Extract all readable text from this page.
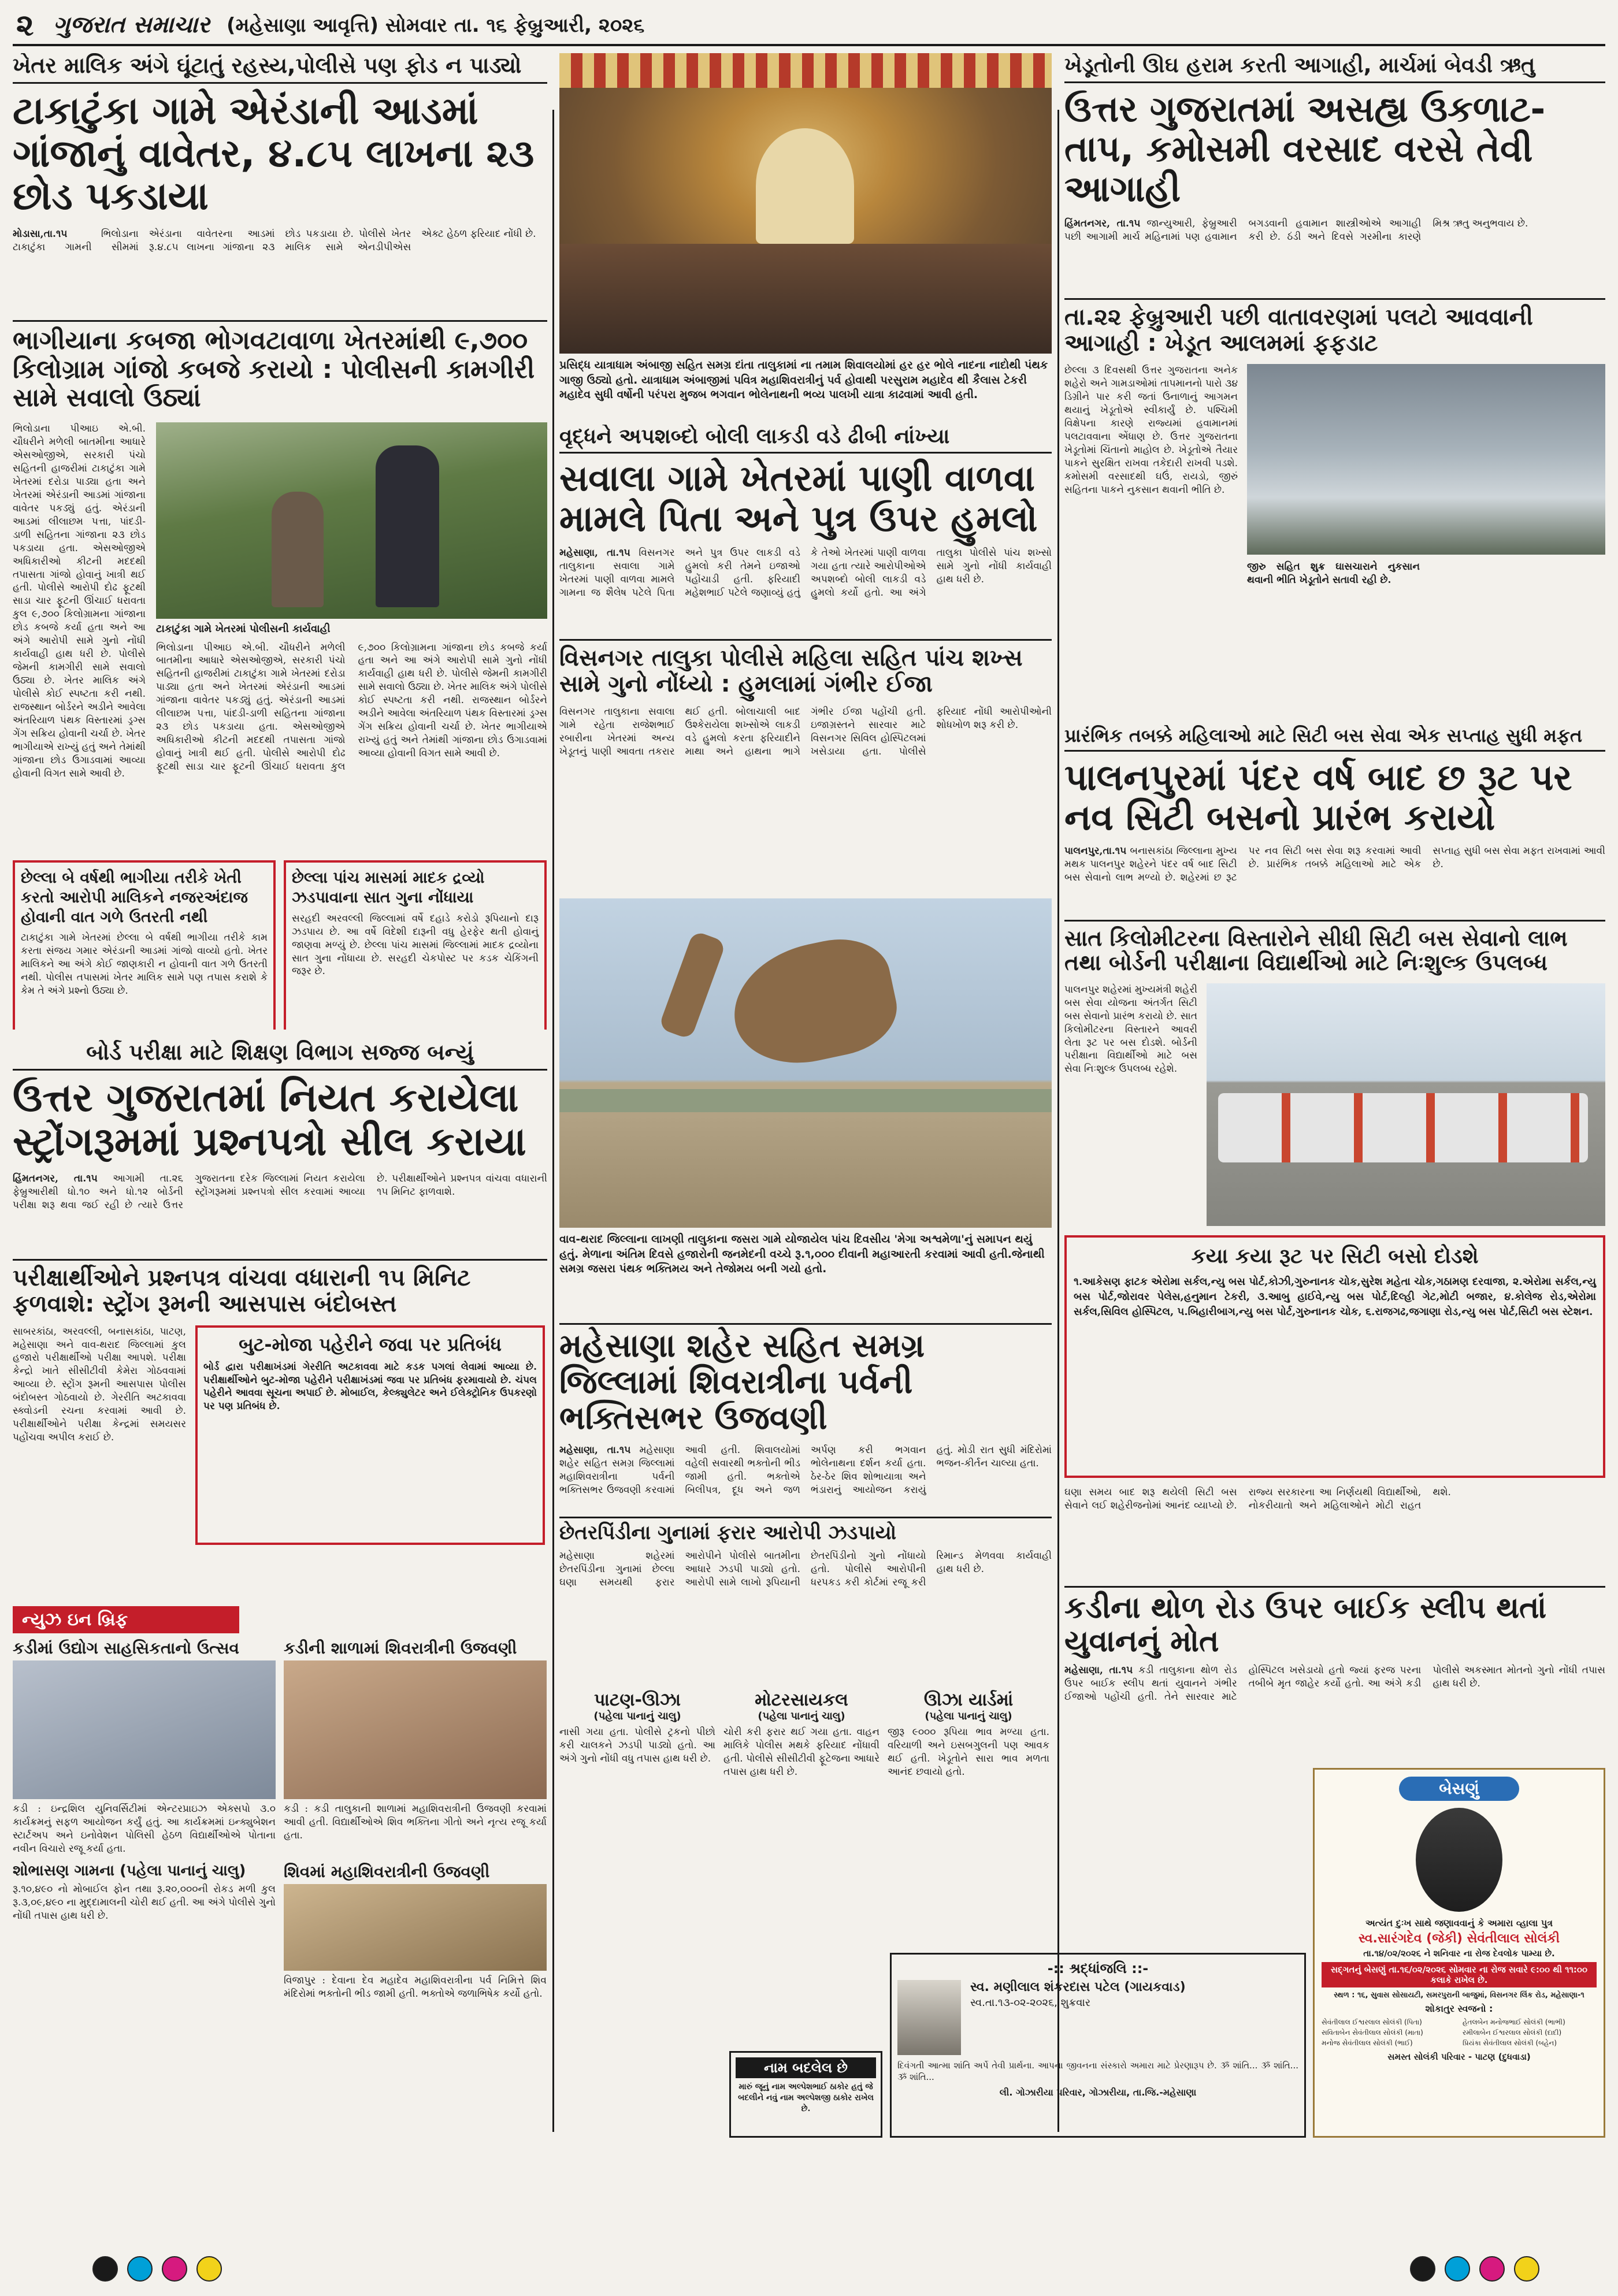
૨ ગુજરાત સમાચાર (મહેસાણા આવૃત્તિ) સોમવાર તા. ૧૬ ફેબ્રુઆરી, ૨૦૨૬
ખેતર માલિક અંગે ઘૂંટાતું રહસ્ય,પોલીસે પણ ફોડ ન પાડ્યો
ટાકાટુંકા ગામે એરંડાની આડમાં ગાંજાનું વાવેતર, ૪.૮૫ લાખના ૨૩ છોડ પકડાયા
મોડાસા,તા.૧૫	ભિલોડાના ટાકાટુંકા ગામની સીમમાં એરંડાના વાવેતરના આડમાં રૂ.૪.૮૫ લાખના ગાંજાના ૨૩ છોડ પકડાયા છે. પોલીસે ખેતર માલિક સામે એનડીપીએસ એક્ટ હેઠળ ફરિયાદ નોંધી છે.
ભાગીયાના કબજા ભોગવટાવાળા ખેતરમાંથી ૯,૭૦૦ કિલોગ્રામ ગાંજો કબજે કરાયો : પોલીસની કામગીરી સામે સવાલો ઉઠ્યાં
ભિલોડાના પીઆઇ એ.બી. ચૌધરીને મળેલી બાતમીના આધારે એસઓજીએ, સરકારી પંચો સહિતની હાજરીમાં ટાકાટુંકા ગામે ખેતરમાં દરોડા પાડ્યા હતા અને ખેતરમાં એરંડાની આડમાં ગાંજાના વાવેતર પકડ્યું હતું. એરંડાની આડમાં લીલાછમ પત્તા, પાંદડી-ડાળી સહિતના ગાંજાના ૨૩ છોડ પકડાયા હતા. એસઓજીએ અધિકારીઓ કીટની મદદથી તપાસતા ગાંજો હોવાનું ખાત્રી થઈ હતી. પોલીસે આરોપી દોઢ ફૂટથી સાડા ચાર ફૂટની ઊંચાઈ ધરાવતા કુલ ૯,૭૦૦ કિલોગ્રામના ગાંજાના છોડ કબજે કર્યા હતા અને આ અંગે આરોપી સામે ગુનો નોંધી કાર્યવાહી હાથ ધરી છે. પોલીસે જેમની કામગીરી સામે સવાલો ઉઠ્યા છે. ખેતર માલિક અંગે પોલીસે કોઈ સ્પષ્ટતા કરી નથી. રાજસ્થાન બોર્ડરને અડીને આવેલા અંતરિયાળ પંથક વિસ્તારમાં ડ્રગ્સ ગેંગ સક્રિય હોવાની ચર્ચા છે. ખેતર ભાગીયાએ રાખ્યું હતું અને તેમાંથી ગાંજાના છોડ ઉગાડવામાં આવ્યા હોવાની વિગત સામે આવી છે.
ટાકાટુંકા ગામે ખેતરમાં પોલીસની કાર્યવાહી
ભિલોડાના પીઆઇ એ.બી. ચૌધરીને મળેલી બાતમીના આધારે એસઓજીએ, સરકારી પંચો સહિતની હાજરીમાં ટાકાટુંકા ગામે ખેતરમાં દરોડા પાડ્યા હતા અને ખેતરમાં એરંડાની આડમાં ગાંજાના વાવેતર પકડ્યું હતું. એરંડાની આડમાં લીલાછમ પત્તા, પાંદડી-ડાળી સહિતના ગાંજાના ૨૩ છોડ પકડાયા હતા. એસઓજીએ અધિકારીઓ કીટની મદદથી તપાસતા ગાંજો હોવાનું ખાત્રી થઈ હતી. પોલીસે આરોપી દોઢ ફૂટથી સાડા ચાર ફૂટની ઊંચાઈ ધરાવતા કુલ ૯,૭૦૦ કિલોગ્રામના ગાંજાના છોડ કબજે કર્યા હતા અને આ અંગે આરોપી સામે ગુનો નોંધી કાર્યવાહી હાથ ધરી છે. પોલીસે જેમની કામગીરી સામે સવાલો ઉઠ્યા છે. ખેતર માલિક અંગે પોલીસે કોઈ સ્પષ્ટતા કરી નથી. રાજસ્થાન બોર્ડરને અડીને આવેલા અંતરિયાળ પંથક વિસ્તારમાં ડ્રગ્સ ગેંગ સક્રિય હોવાની ચર્ચા છે. ખેતર ભાગીયાએ રાખ્યું હતું અને તેમાંથી ગાંજાના છોડ ઉગાડવામાં આવ્યા હોવાની વિગત સામે આવી છે.
છેલ્લા બે વર્ષથી ભાગીયા તરીકે ખેતી કરતો આરોપી માલિકને નજરઅંદાજ હોવાની વાત ગળે ઉતરતી નથી
ટાકાટુંકા ગામે ખેતરમાં છેલ્લા બે વર્ષથી ભાગીયા તરીકે કામ કરતા સંજય ગમાર એરંડાની આડમાં ગાંજો વાવ્યો હતો. ખેતર માલિકને આ અંગે કોઈ જાણકારી ન હોવાની વાત ગળે ઉતરતી નથી. પોલીસ તપાસમાં ખેતર માલિક સામે પણ તપાસ કરાશે કે કેમ તે અંગે પ્રશ્નો ઉઠ્યા છે.
છેલ્લા પાંચ માસમાં માદક દ્રવ્યો ઝડપાવાના સાત ગુના નોંધાયા
સરહદી અરવલ્લી જિલ્લામાં વર્ષે દહાડે કરોડો રૂપિયાનો દારૂ ઝડપાય છે. આ વર્ષે વિદેશી દારૂની વધુ હેરફેર થતી હોવાનું જાણવા મળ્યું છે. છેલ્લા પાંચ માસમાં જિલ્લામાં માદક દ્રવ્યોના સાત ગુના નોંધાયા છે. સરહદી ચેકપોસ્ટ પર કડક ચેકિંગની જરૂર છે.
પ્રસિદ્ધ યાત્રાધામ અંબાજી સહિત સમગ્ર દાંતા તાલુકામાં ના તમામ શિવાલયોમાં હર હર ભોલે નાદના નાદોથી પંથક ગાજી ઉઠ્યો હતો. યાત્રાધામ અંબાજીમાં પવિત્ર મહાશિવરાત્રીનું પર્વ હોવાથી પરસુરામ મહાદેવ થી કૈલાસ ટેકરી મહાદેવ સુધી વર્ષોની પરંપરા મુજબ ભગવાન ભોલેનાથની ભવ્ય પાલખી યાત્રા કાઢવામાં આવી હતી.
વૃદ્ધને અપશબ્દો બોલી લાકડી વડે ઢીબી નાંખ્યા
સવાલા ગામે ખેતરમાં પાણી વાળવા મામલે પિતા અને પુત્ર ઉપર હુમલો
મહેસાણા, તા.૧૫ વિસનગર તાલુકાના સવાલા ગામે ખેતરમાં પાણી વાળવા મામલે ગામના જ શૈલેષ પટેલે પિતા અને પુત્ર ઉપર લાકડી વડે હુમલો કરી તેમને ઇજાઓ પહોંચાડી હતી. ફરિયાદી મહેશભાઈ પટેલે જણાવ્યું હતું કે તેઓ ખેતરમાં પાણી વાળવા ગયા હતા ત્યારે આરોપીઓએ અપશબ્દો બોલી લાકડી વડે હુમલો કર્યો હતો. આ અંગે તાલુકા પોલીસે પાંચ શખ્સો સામે ગુનો નોંધી કાર્યવાહી હાથ ધરી છે.
વિસનગર તાલુકા પોલીસે મહિલા સહિત પાંચ શખ્સ સામે ગુનો નોંધ્યો : હુમલામાં ગંભીર ઈજા
વિસનગર તાલુકાના સવાલા ગામે રહેતા રાજેશભાઈ રબારીના ખેતરમાં અન્ય ખેડૂતનું પાણી આવતા તકરાર થઈ હતી. બોલાચાલી બાદ ઉશ્કેરાયેલા શખ્સોએ લાકડી વડે હુમલો કરતા ફરિયાદીને માથા અને હાથના ભાગે ગંભીર ઈજા પહોંચી હતી. ઇજાગ્રસ્તને સારવાર માટે વિસનગર સિવિલ હોસ્પિટલમાં ખસેડાયા હતા. પોલીસે ફરિયાદ નોંધી આરોપીઓની શોધખોળ શરૂ કરી છે.
વાવ-થરાદ જિલ્લાના લાખણી તાલુકાના જસરા ગામે યોજાયેલ પાંચ દિવસીય 'મેગા અશ્વમેળા'નું સમાપન થયું હતું. મેળાના અંતિમ દિવસે હજારોની જનમેદની વચ્ચે રૂ.૧,૦૦૦ દીવાની મહાઆરતી કરવામાં આવી હતી.જેનાથી સમગ્ર જસરા પંથક ભક્તિમય અને તેજોમય બની ગયો હતો.
ખેડૂતોની ઊંઘ હરામ કરતી આગાહી, માર્ચમાં બેવડી ઋતુ
ઉત્તર ગુજરાતમાં અસહ્ય ઉકળાટ-તાપ, કમોસમી વરસાદ વરસે તેવી આગાહી
હિંમતનગર, તા.૧૫ જાન્યુઆરી, ફેબ્રુઆરી પછી આગામી માર્ચ મહિનામાં પણ હવામાન બગડવાની હવામાન શાસ્ત્રીઓએ આગાહી કરી છે. ઠંડી અને દિવસે ગરમીના કારણે મિશ્ર ઋતુ અનુભવાય છે.
તા.૨૨ ફેબ્રુઆરી પછી વાતાવરણમાં પલટો આવવાની આગાહી : ખેડૂત આલમમાં ફફડાટ
છેલ્લા ૩ દિવસથી ઉત્તર ગુજરાતના અનેક શહેરો અને ગામડાઓમાં તાપમાનનો પારો ૩૪ ડિગ્રીને પાર કરી જતાં ઉનાળાનું આગમન થયાનું ખેડૂતોએ સ્વીકાર્યું છે. પશ્ચિમી વિક્ષેપના કારણે રાજ્યમાં હવામાનમાં પલટાવવાના એંધાણ છે. ઉત્તર ગુજરાતના ખેડૂતોમાં ચિંતાનો માહોલ છે. ખેડૂતોએ તૈયાર પાકને સુરક્ષિત રાખવા તકેદારી રાખવી પડશે. કમોસમી વરસાદથી ઘઉં, રાયડો, જીરું સહિતના પાકને નુકસાન થવાની ભીતિ છે.
જીરુ સહિત શુક્ર ઘાસચારાને નુકસાન થવાની ભીતિ ખેડૂતોને સતાવી રહી છે.
પ્રારંભિક તબક્કે મહિલાઓ માટે સિટી બસ સેવા એક સપ્તાહ સુધી મફત
પાલનપુરમાં પંદર વર્ષ બાદ છ રૂટ પર નવ સિટી બસનો પ્રારંભ કરાયો
પાલનપુર,તા.૧૫ બનાસકાંઠા જિલ્લાના મુખ્ય મથક પાલનપુર શહેરને પંદર વર્ષ બાદ સિટી બસ સેવાનો લાભ મળ્યો છે. શહેરમાં છ રૂટ પર નવ સિટી બસ સેવા શરૂ કરવામાં આવી છે. પ્રારંભિક તબક્કે મહિલાઓ માટે એક સપ્તાહ સુધી બસ સેવા મફત રાખવામાં આવી છે.
સાત કિલોમીટરના વિસ્તારોને સીધી સિટી બસ સેવાનો લાભ તથા બોર્ડની પરીક્ષાના વિદ્યાર્થીઓ માટે નિઃશુલ્ક ઉપલબ્ધ
પાલનપુર શહેરમાં મુખ્યમંત્રી શહેરી બસ સેવા યોજના અંતર્ગત સિટી બસ સેવાનો પ્રારંભ કરાયો છે. સાત કિલોમીટરના વિસ્તારને આવરી લેતા રૂટ પર બસ દોડશે. બોર્ડની પરીક્ષાના વિદ્યાર્થીઓ માટે બસ સેવા નિઃશુલ્ક ઉપલબ્ધ રહેશે.
કયા કયા રૂટ પર સિટી બસો દોડશે
૧.આકેસણ ફાટક એરોમા સર્કલ,ન્યુ બસ પોર્ટ,કોઝી,ગુરુનાનક ચોક,સુરેશ મહેતા ચોક,ગઠામણ દરવાજા, ૨.એરોમા સર્કલ,ન્યુ બસ પોર્ટ,જોરાવર પેલેસ,હનુમાન ટેકરી, ૩.આબુ હાઈવે,ન્યુ બસ પોર્ટ,દિલ્હી ગેટ,મોટી બજાર, ૪.કોલેજ રોડ,એરોમા સર્કલ,સિવિલ હોસ્પિટલ, ૫.બિહારીબાગ,ન્યુ બસ પોર્ટ,ગુરુનાનક ચોક, ૬.રાજગઢ,જગાણા રોડ,ન્યુ બસ પોર્ટ,સિટી બસ સ્ટેશન.
ઘણા સમય બાદ શરૂ થયેલી સિટી બસ સેવાને લઈ શહેરીજનોમાં આનંદ વ્યાપ્યો છે. રાજ્ય સરકારના આ નિર્ણયથી વિદ્યાર્થીઓ, નોકરીયાતો અને મહિલાઓને મોટી રાહત થશે.
બોર્ડ પરીક્ષા માટે શિક્ષણ વિભાગ સજ્જ બન્યું
ઉત્તર ગુજરાતમાં નિયત કરાયેલા સ્ટ્રોંગરૂમમાં પ્રશ્નપત્રો સીલ કરાયા
હિંમતનગર, તા.૧૫ આગામી તા.૨૬ ફેબ્રુઆરીથી ધો.૧૦ અને ધો.૧૨ બોર્ડની પરીક્ષા શરૂ થવા જઈ રહી છે ત્યારે ઉત્તર ગુજરાતના દરેક જિલ્લામાં નિયત કરાયેલા સ્ટ્રોંગરૂમમાં પ્રશ્નપત્રો સીલ કરવામાં આવ્યા છે. પરીક્ષાર્થીઓને પ્રશ્નપત્ર વાંચવા વધારાની ૧૫ મિનિટ ફાળવાશે.
પરીક્ષાર્થીઓને પ્રશ્નપત્ર વાંચવા વધારાની ૧૫ મિનિટ ફળવાશે: સ્ટ્રોંગ રૂમની આસપાસ બંદોબસ્ત
સાબરકાંઠા, અરવલ્લી, બનાસકાંઠા, પાટણ, મહેસાણા અને વાવ-થરાદ જિલ્લામાં કુલ હજારો પરીક્ષાર્થીઓ પરીક્ષા આપશે. પરીક્ષા કેન્દ્રો ખાતે સીસીટીવી કેમેરા ગોઠવવામાં આવ્યા છે. સ્ટ્રોંગ રૂમની આસપાસ પોલીસ બંદોબસ્ત ગોઠવાયો છે. ગેરરીતિ અટકાવવા સ્ક્વોડની રચના કરવામાં આવી છે. પરીક્ષાર્થીઓને પરીક્ષા કેન્દ્રમાં સમયસર પહોંચવા અપીલ કરાઈ છે.
બુટ-મોજા પહેરીને જવા પર પ્રતિબંધ
બોર્ડ દ્વારા પરીક્ષાખંડમાં ગેરરીતિ અટકાવવા માટે કડક પગલાં લેવામાં આવ્યા છે. પરીક્ષાર્થીઓને બુટ-મોજા પહેરીને પરીક્ષાખંડમાં જવા પર પ્રતિબંધ ફરમાવાયો છે. ચંપલ પહેરીને આવવા સૂચના અપાઈ છે. મોબાઈલ, કેલ્ક્યુલેટર અને ઈલેક્ટ્રોનિક ઉપકરણો પર પણ પ્રતિબંધ છે.
મહેસાણા શહેર સહિત સમગ્ર જિલ્લામાં શિવરાત્રીના પર્વની ભક્તિસભર ઉજવણી
મહેસાણા, તા.૧૫ મહેસાણા શહેર સહિત સમગ્ર જિલ્લામાં મહાશિવરાત્રીના પર્વની ભક્તિસભર ઉજવણી કરવામાં આવી હતી. શિવાલયોમાં વહેલી સવારથી ભક્તોની ભીડ જામી હતી. ભક્તોએ બિલીપત્ર, દૂધ અને જળ અર્પણ કરી ભગવાન ભોલેનાથના દર્શન કર્યા હતા. ઠેર-ઠેર શિવ શોભાયાત્રા અને ભંડારાનું આયોજન કરાયું હતું. મોડી રાત સુધી મંદિરોમાં ભજન-કીર્તન ચાલ્યા હતા.
છેતરપિંડીના ગુનામાં ફરાર આરોપી ઝડપાયો
મહેસાણા શહેરમાં છેતરપિંડીના ગુનામાં છેલ્લા ઘણા સમયથી ફરાર આરોપીને પોલીસે બાતમીના આધારે ઝડપી પાડ્યો હતો. આરોપી સામે લાખો રૂપિયાની છેતરપિંડીનો ગુનો નોંધાયો હતો. પોલીસે આરોપીની ધરપકડ કરી કોર્ટમાં રજૂ કરી રિમાન્ડ મેળવવા કાર્યવાહી હાથ ધરી છે.
પાટણ-ઊંઝા
(પહેલા પાનાનું ચાલુ)
નાસી ગયા હતા. પોલીસે ટ્રકનો પીછો કરી ચાલકને ઝડપી પાડ્યો હતો. આ અંગે ગુનો નોંધી વધુ તપાસ હાથ ધરી છે.
મોટરસાયકલ
(પહેલા પાનાનું ચાલુ)
ચોરી કરી ફરાર થઈ ગયા હતા. વાહન માલિકે પોલીસ મથકે ફરિયાદ નોંધાવી હતી. પોલીસે સીસીટીવી ફૂટેજના આધારે તપાસ હાથ ધરી છે.
ઊંઝા યાર્ડમાં
(પહેલા પાનાનું ચાલુ)
જીરૂ ૯૦૦૦ રૂપિયા ભાવ મળ્યા હતા. વરિયાળી અને ઇસબગુલની પણ આવક થઈ હતી. ખેડૂતોને સારા ભાવ મળતા આનંદ છવાયો હતો.
કડીના થોળ રોડ ઉપર બાઈક સ્લીપ થતાં યુવાનનું મોત
મહેસાણા, તા.૧૫ કડી તાલુકાના થોળ રોડ ઉપર બાઈક સ્લીપ થતાં યુવાનને ગંભીર ઈજાઓ પહોંચી હતી. તેને સારવાર માટે હોસ્પિટલ ખસેડાયો હતો જ્યાં ફરજ પરના તબીબે મૃત જાહેર કર્યો હતો. આ અંગે કડી પોલીસે અકસ્માત મોતનો ગુનો નોંધી તપાસ હાથ ધરી છે.
ન્યુઝ ઇન બ્રિફ
કડીમાં ઉદ્યોગ સાહસિકતાનો ઉત્સવ
કડી : ઇન્દ્રશિલ યુનિવર્સિટીમાં એન્ટરપ્રાઇઝ એક્સપો ૩.૦ કાર્યક્રમનું સફળ આયોજન કર્યું હતું. આ કાર્યક્રમમાં ઇન્ક્યુબેશન સ્ટાર્ટઅપ અને ઇનોવેશન પોલિસી હેઠળ વિદ્યાર્થીઓએ પોતાના નવીન વિચારો રજૂ કર્યા હતા.
કડીની શાળામાં શિવરાત્રીની ઉજવણી
કડી : કડી તાલુકાની શાળામાં મહાશિવરાત્રીની ઉજવણી કરવામાં આવી હતી. વિદ્યાર્થીઓએ શિવ ભક્તિના ગીતો અને નૃત્ય રજૂ કર્યા હતા.
શોભાસણ ગામના (પહેલા પાનાનું ચાલુ)
રૂ.૧૦,૪૯૦ નો મોબાઈલ ફોન તથા રૂ.૨૦,૦૦૦ની રોકડ મળી કુલ રૂ.૩,૦૯,૪૯૦ ના મુદ્દામાલની ચોરી થઈ હતી. આ અંગે પોલીસે ગુનો નોંધી તપાસ હાથ ધરી છે.
શિવમાં મહાશિવરાત્રીની ઉજવણી
વિજાપુર : દેવાના દેવ મહાદેવ મહાશિવરાત્રીના પર્વ નિમિત્તે શિવ મંદિરોમાં ભક્તોની ભીડ જામી હતી. ભક્તોએ જળાભિષેક કર્યો હતો.
-:: શ્રદ્ધાંજલિ ::-
સ્વ. મણીલાલ શંકરદાસ પટેલ (ગાયકવાડ)
સ્વ.તા.૧૩-૦૨-૨૦૨૬, શુક્રવાર
દિવંગતી આત્મા શાંતિ અર્પે તેવી પ્રાર્થના. આપના જીવનના સંસ્કારો અમારા માટે પ્રેરણારૂપ છે. ૐ શાંતિ... ૐ શાંતિ... ૐ શાંતિ...
લી. ગોઝારીયા પરિવાર, ગોઝારીયા, તા.જિ.-મહેસાણા
નામ બદલેલ છે
મારું જૂનું નામ અલ્પેશભાઈ ઠાકોર હતું જે બદલીને નવું નામ અલ્પેશજી ઠાકોર રાખેલ છે.
બેસણું
અત્યંત દુઃખ સાથે જણાવવાનું કે અમારા વ્હાલા પુત્ર
સ્વ.સારંગદેવ (જેકી) સેવંતીલાલ સોલંકી
તા.૧૪/૦૨/૨૦૨૬ ને શનિવાર ના રોજ દેવલોક પામ્યા છે.
સદ્ગતનું બેસણું તા.૧૬/૦૨/૨૦૨૬ સોમવાર ના રોજ સવારે ૯:૦૦ થી ૧૧:૦૦ કલાકે રાખેલ છે.
સ્થળ : ૧૬, સુવાસ સોસાયટી, સમરપુરાની બાજુમાં, વિસનગર લિંક રોડ, મહેસાણા-૧
શોકાતુર સ્વજનો :
સેવંતીલાલ ઈશ્વરલાલ સોલંકી (પિતા)
સવિતાબેન સેવંતીલાલ સોલંકી (માતા)
મનોજ સેવંતીલાલ સોલંકી (ભાઈ)
હેતલબેન મનોજભાઈ સોલંકી (ભાભી)
રમીલાબેન ઈશ્વરલાલ સોલંકી (દાદી)
પ્રિયંકા સેવંતીલાલ સોલંકી (બહેન)
સમસ્ત સોલંકી પરિવાર - પાટણ (દુધવાડા)
